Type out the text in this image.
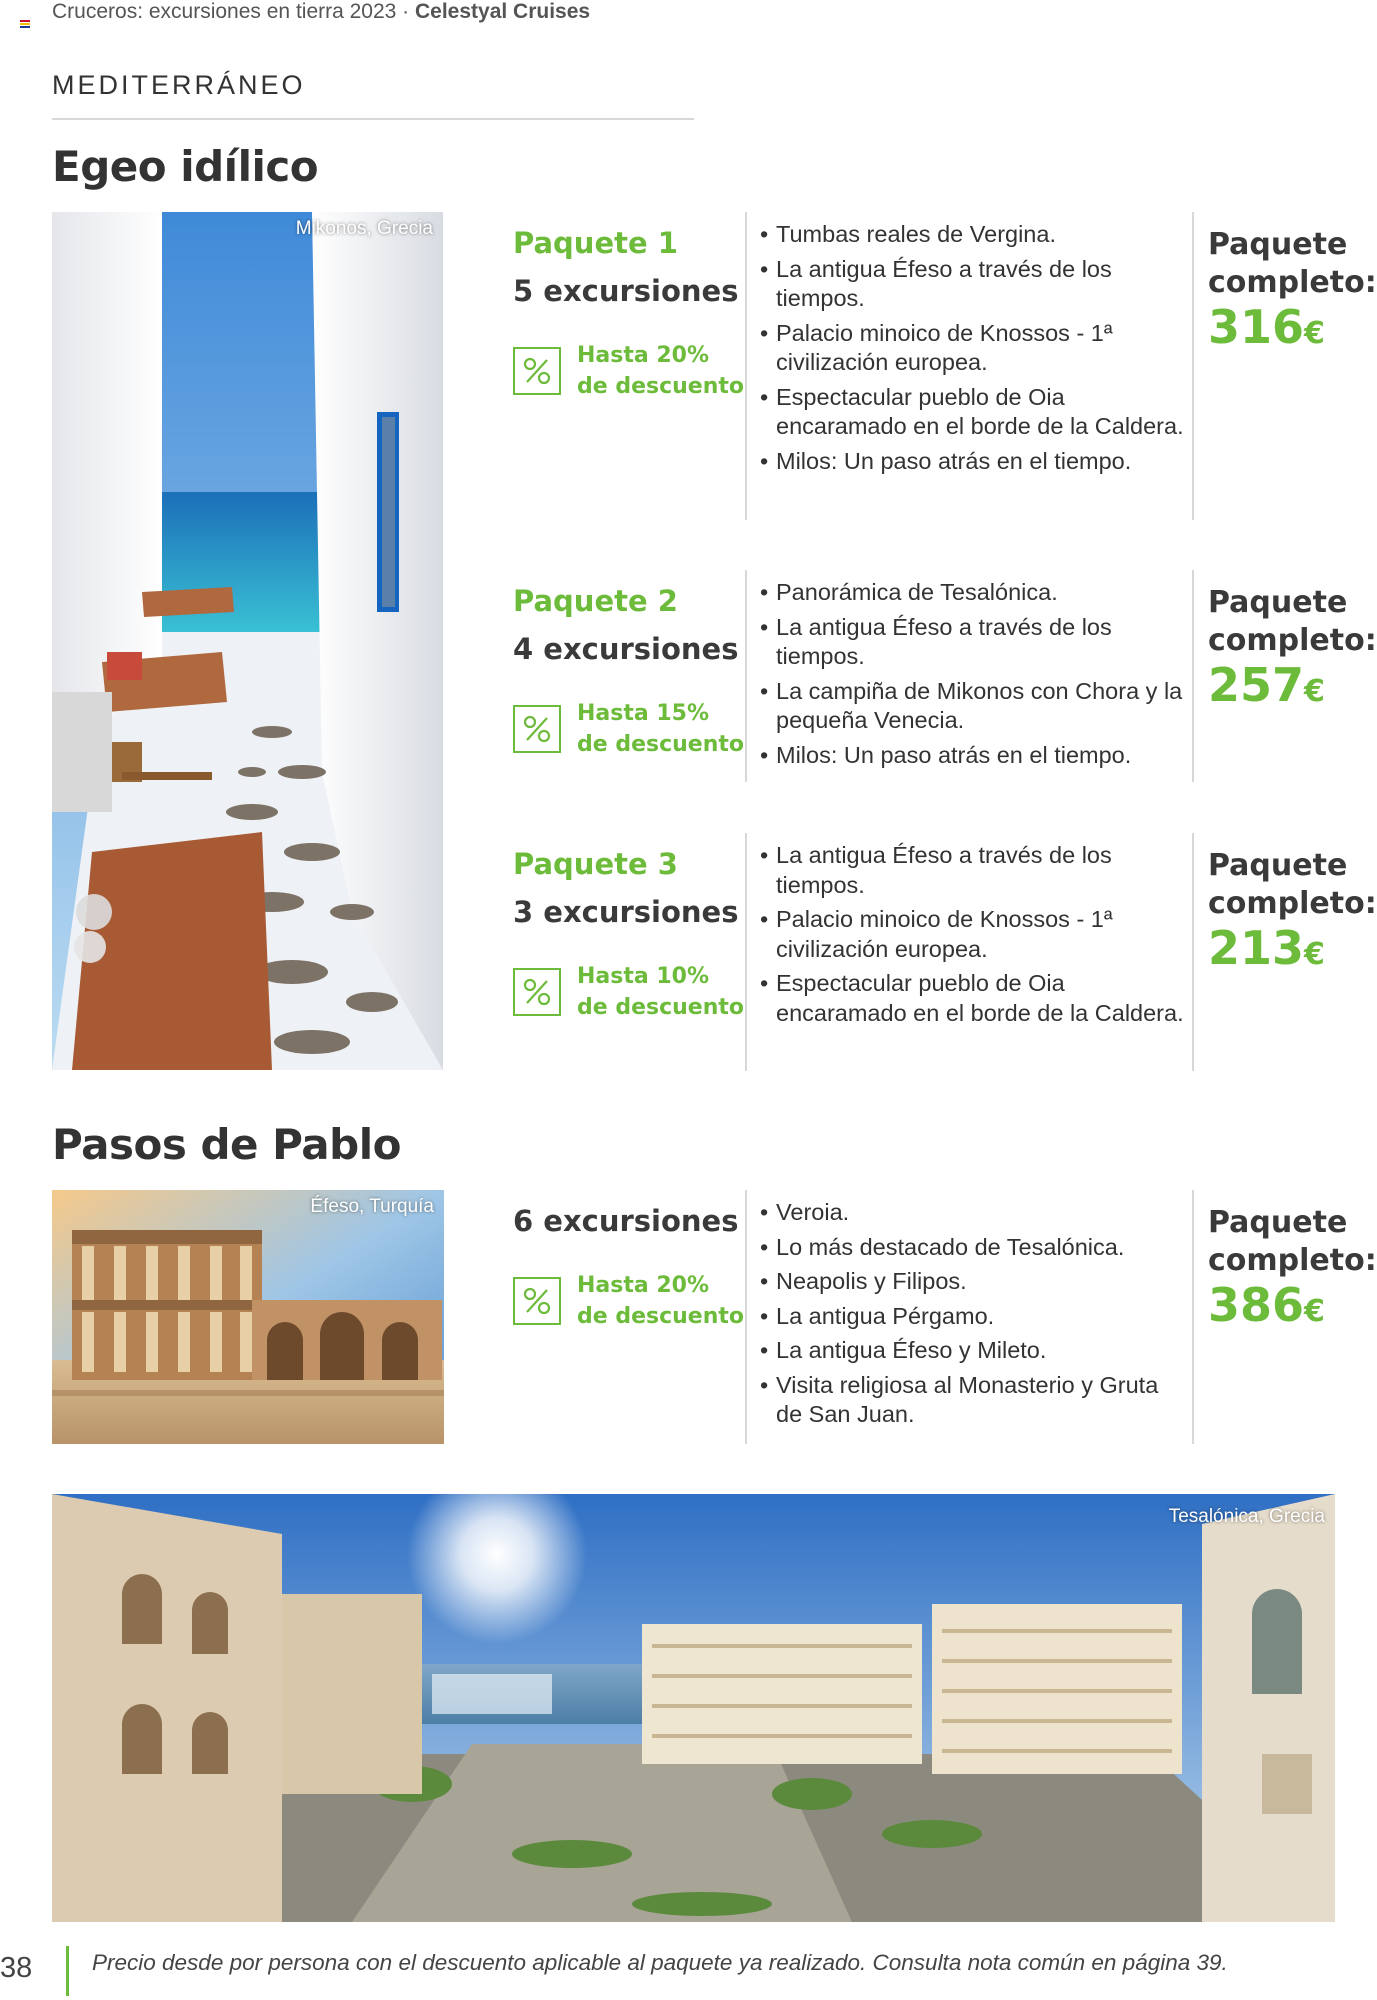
Cruceros: excursiones en tierra 2023 · Celestyal Cruises
MEDITERRÁNEO
Egeo idílico
Mikonos, Grecia	Paquete 1
5 excursiones
Hasta 20%
de descuento
• Tumbas reales de Vergina.
• La antigua Éfeso a través de los tiempos.
• Palacio minoico de Knossos - 1ª civilización europea.
• Espectacular pueblo de Oia encaramado en el borde de la Caldera.
• Milos: Un paso atrás en el tiempo.
Paquete completo:
316€
Paquete 2
4 excursiones
Hasta 15%
de descuento
• Panorámica de Tesalónica.
• La antigua Éfeso a través de los tiempos.
• La campiña de Mikonos con Chora y la pequeña Venecia.
• Milos: Un paso atrás en el tiempo.
Paquete completo:
257€
Paquete 3
3 excursiones
Hasta 10%
de descuento
• La antigua Éfeso a través de los tiempos.
• Palacio minoico de Knossos - 1ª civilización europea.
• Espectacular pueblo de Oia encaramado en el borde de la Caldera.
Paquete completo:
213€
Pasos de Pablo
Éfeso, Turquía	6 excursiones
Hasta 20%
de descuento
• Veroia.
• Lo más destacado de Tesalónica.
• Neapolis y Filipos.
• La antigua Pérgamo.
• La antigua Éfeso y Mileto.
• Visita religiosa al Monasterio y Gruta de San Juan.
Paquete completo:
386€
Tesalónica, Grecia
38	Precio desde por persona con el descuento aplicable al paquete ya realizado. Consulta nota común en página 39.
